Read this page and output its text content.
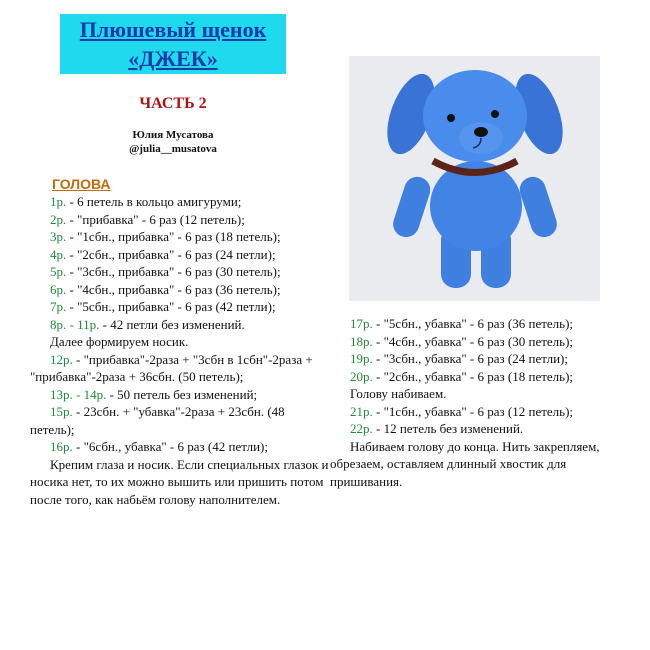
Плюшевый щенок
«ДЖЕК»
ЧАСТЬ 2
Юлия Мусатова
@julia__musatova
ГОЛОВА

1р. - 6 петель в кольцо амигуруми;

2р. - "прибавка" - 6 раз (12 петель);

3р. - "1сбн., прибавка" - 6 раз (18 петель);

4р. - "2сбн., прибавка" - 6 раз (24 петли);

5р. - "3сбн., прибавка" - 6 раз (30 петель);

6р. - "4сбн., прибавка" - 6 раз (36 петель);

7р. - "5сбн., прибавка" - 6 раз (42 петли);

8р. - 11р. - 42 петли без изменений.

Далее формируем носик.

12р. - "прибавка"-2раза + "3сбн в 1сбн"-2раза + "прибавка"-2раза + 36сбн. (50 петель);

13р. - 14р. - 50 петель без изменений;

15р. - 23сбн. + "убавка"-2раза + 23сбн. (48 петель);

16р. - "6сбн., убавка" - 6 раз (42 петли);

Крепим глаза и носик. Если специальных глазок и носика нет, то их можно вышить или пришить потом после того, как набьём голову наполнителем.

17р. - "5сбн., убавка" - 6 раз (36 петель);

18р. - "4сбн., убавка" - 6 раз (30 петель);

19р. - "3сбн., убавка" - 6 раз (24 петли);

20р. - "2сбн., убавка" - 6 раз (18 петель);

Голову набиваем.

21р. - "1сбн., убавка" - 6 раз (12 петель);

22р. - 12 петель без изменений.

Набиваем голову до конца. Нить закрепляем, обрезаем, оставляем длинный хвостик для пришивания.
